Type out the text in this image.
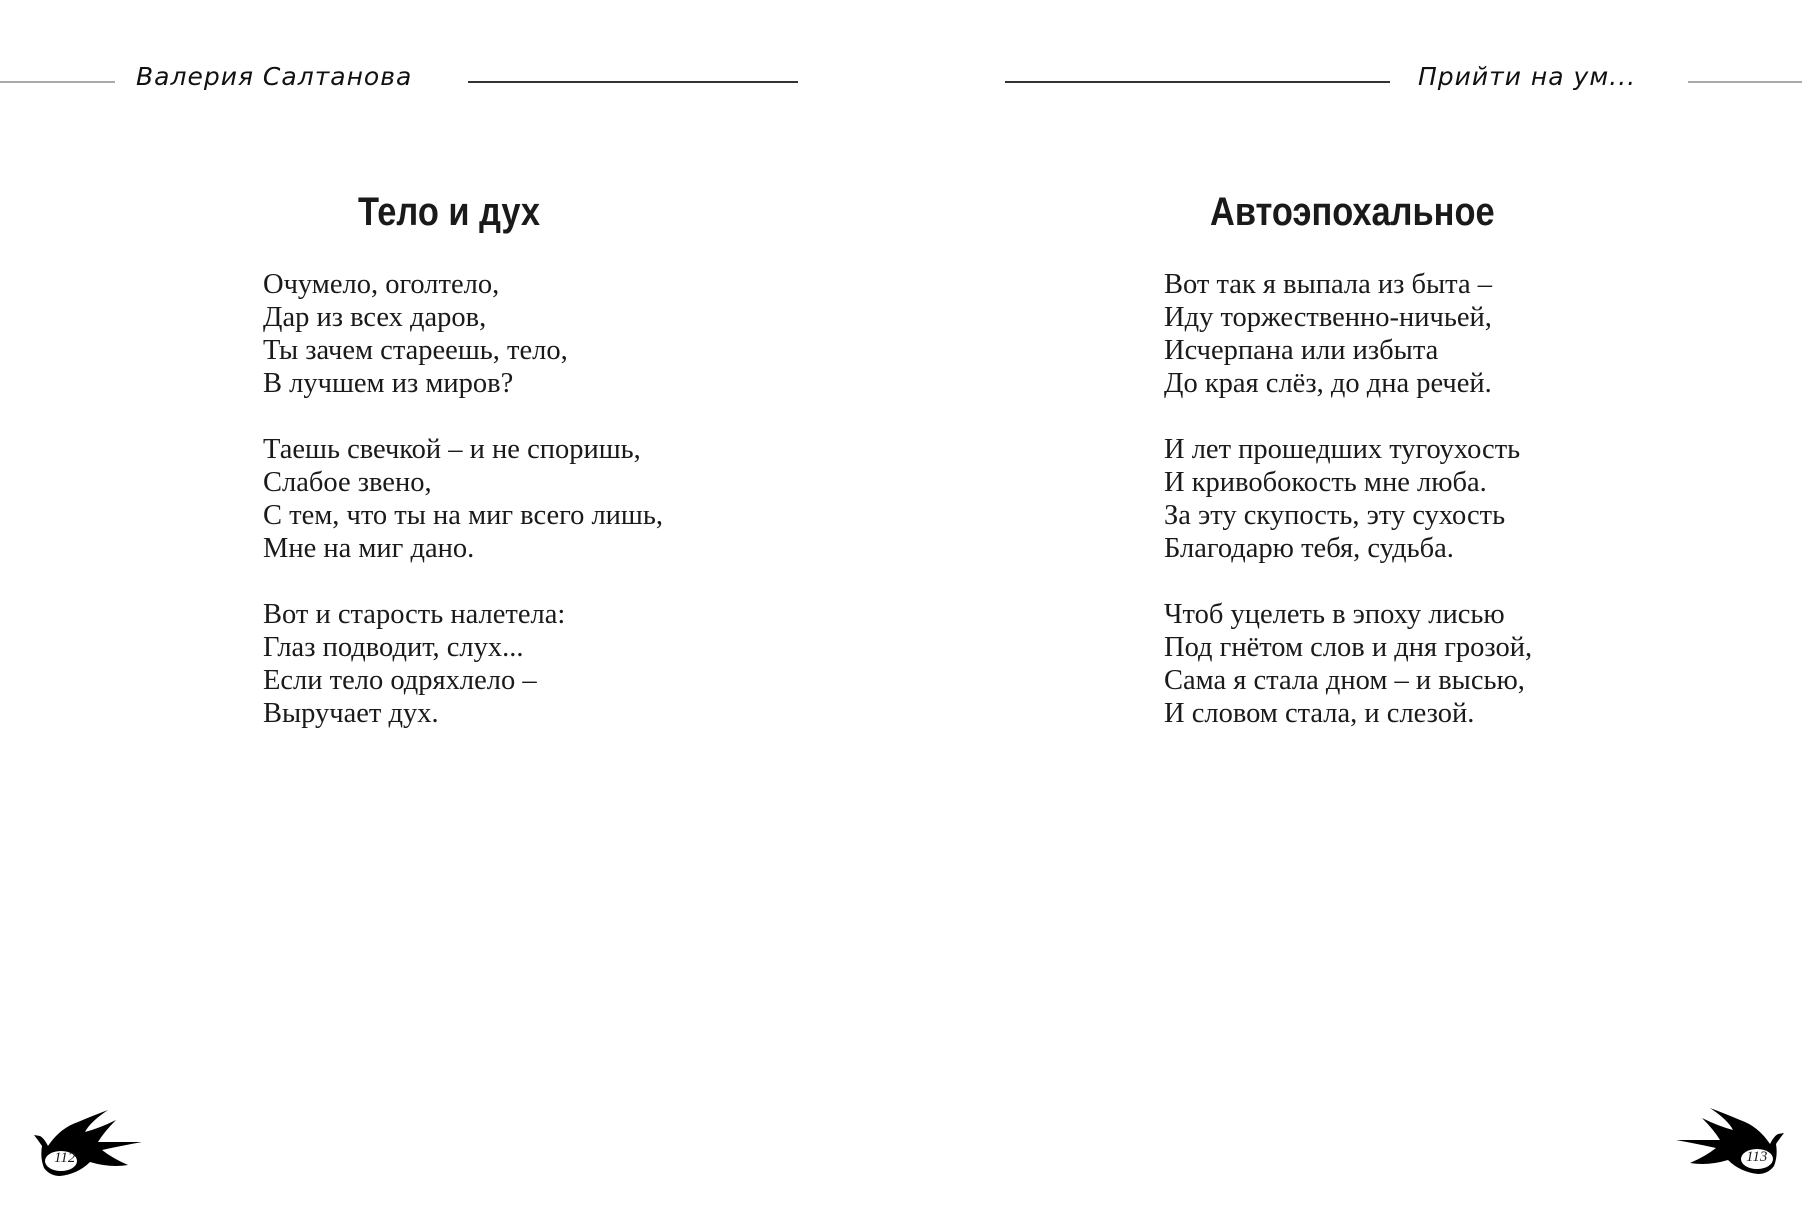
Валерия Салтанова	Прийти на ум...
Тело и дух
Очумело, оголтело,
Дар из всех даров,
Ты зачем стареешь, тело,
В лучшем из миров?
Таешь свечкой – и не споришь,
Слабое звено,
С тем, что ты на миг всего лишь,
Мне на миг дано.
Вот и старость налетела:
Глаз подводит, слух...
Если тело одряхлело –
Выручает дух.
Автоэпохальное
Вот так я выпала из быта –
Иду торжественно-ничьей,
Исчерпана или избыта
До края слёз, до дна речей.
И лет прошедших тугоухость
И кривобокость мне люба.
За эту скупость, эту сухость
Благодарю тебя, судьба.
Чтоб уцелеть в эпоху лисью
Под гнётом слов и дня грозой,
Сама я стала дном – и высью,
И словом стала, и слезой.
112	113
